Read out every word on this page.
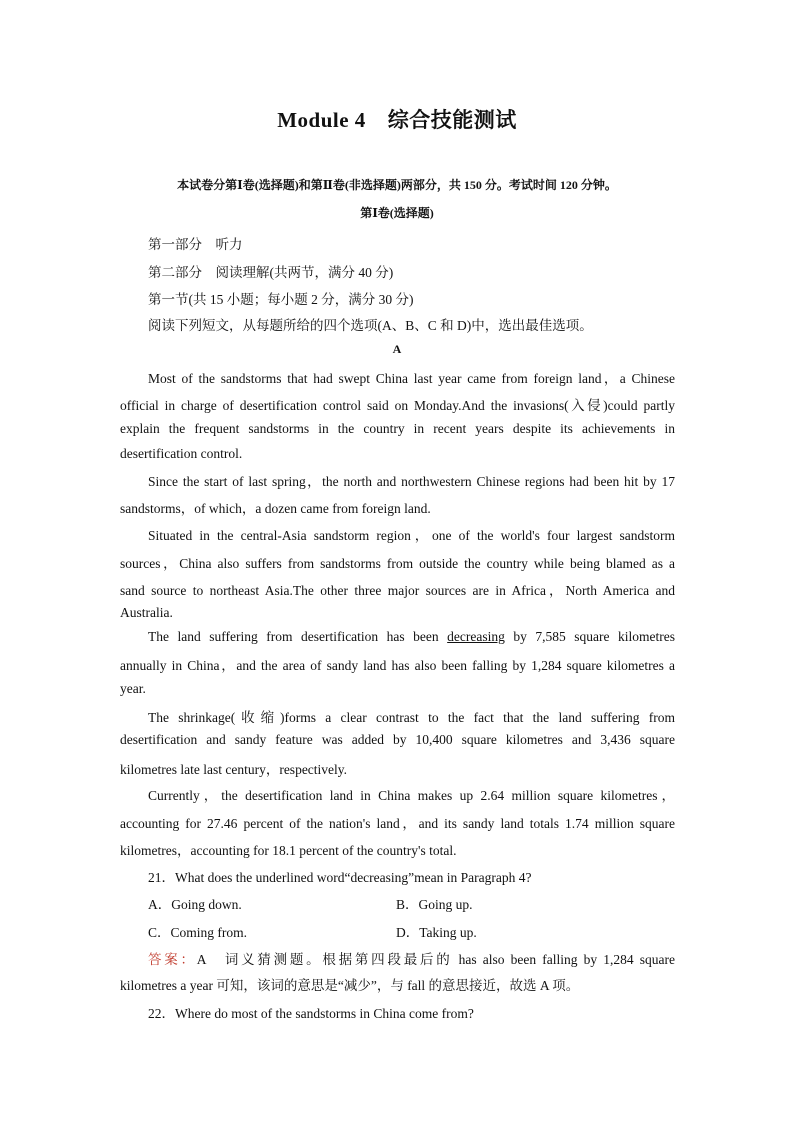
Module 4 综合技能测试
本试卷分第Ⅰ卷(选择题)和第Ⅱ卷(非选择题)两部分，共 150 分。考试时间 120 分钟。
第Ⅰ卷(选择题)
第一部分　听力
第二部分　阅读理解(共两节，满分 40 分)
第一节(共 15 小题；每小题 2 分，满分 30 分)
阅读下列短文，从每题所给的四个选项(A、B、C 和 D)中，选出最佳选项。
A
Most of the sandstorms that had swept China last year came from foreign land，a Chinese
official in charge of desertification control said on Monday.And the invasions(入侵)could partly
explain the frequent sandstorms in the country in recent years despite its achievements in
desertification control.
Since the start of last spring，the north and northwestern Chinese regions had been hit by 17
sandstorms，of which，a dozen came from foreign land.
Situated in the central-Asia sandstorm region，one of the world's four largest sandstorm
sources，China also suffers from sandstorms from outside the country while being blamed as a
sand source to northeast Asia.The other three major sources are in Africa，North America and
Australia.
The land suffering from desertification has been decreasing by 7,585 square kilometres
annually in China，and the area of sandy land has also been falling by 1,284 square kilometres a
year.
The shrinkage(收缩)forms a clear contrast to the fact that the land suffering from
desertification and sandy feature was added by 10,400 square kilometres and 3,436 square
kilometres late last century，respectively.
Currently，the desertification land in China makes up 2.64 million square kilometres，
accounting for 27.46 percent of the nation's land，and its sandy land totals 1.74 million square
kilometres，accounting for 18.1 percent of the country's total.
21．What does the underlined word“decreasing”mean in Paragraph 4?
A．Going down.	B．Going up.
C．Coming from.	D．Taking up.
答案：A　词义猜测题。根据第四段最后的 has also been falling by 1,284 square
kilometres a year 可知，该词的意思是“减少”，与 fall 的意思接近，故选 A 项。
22．Where do most of the sandstorms in China come from?
